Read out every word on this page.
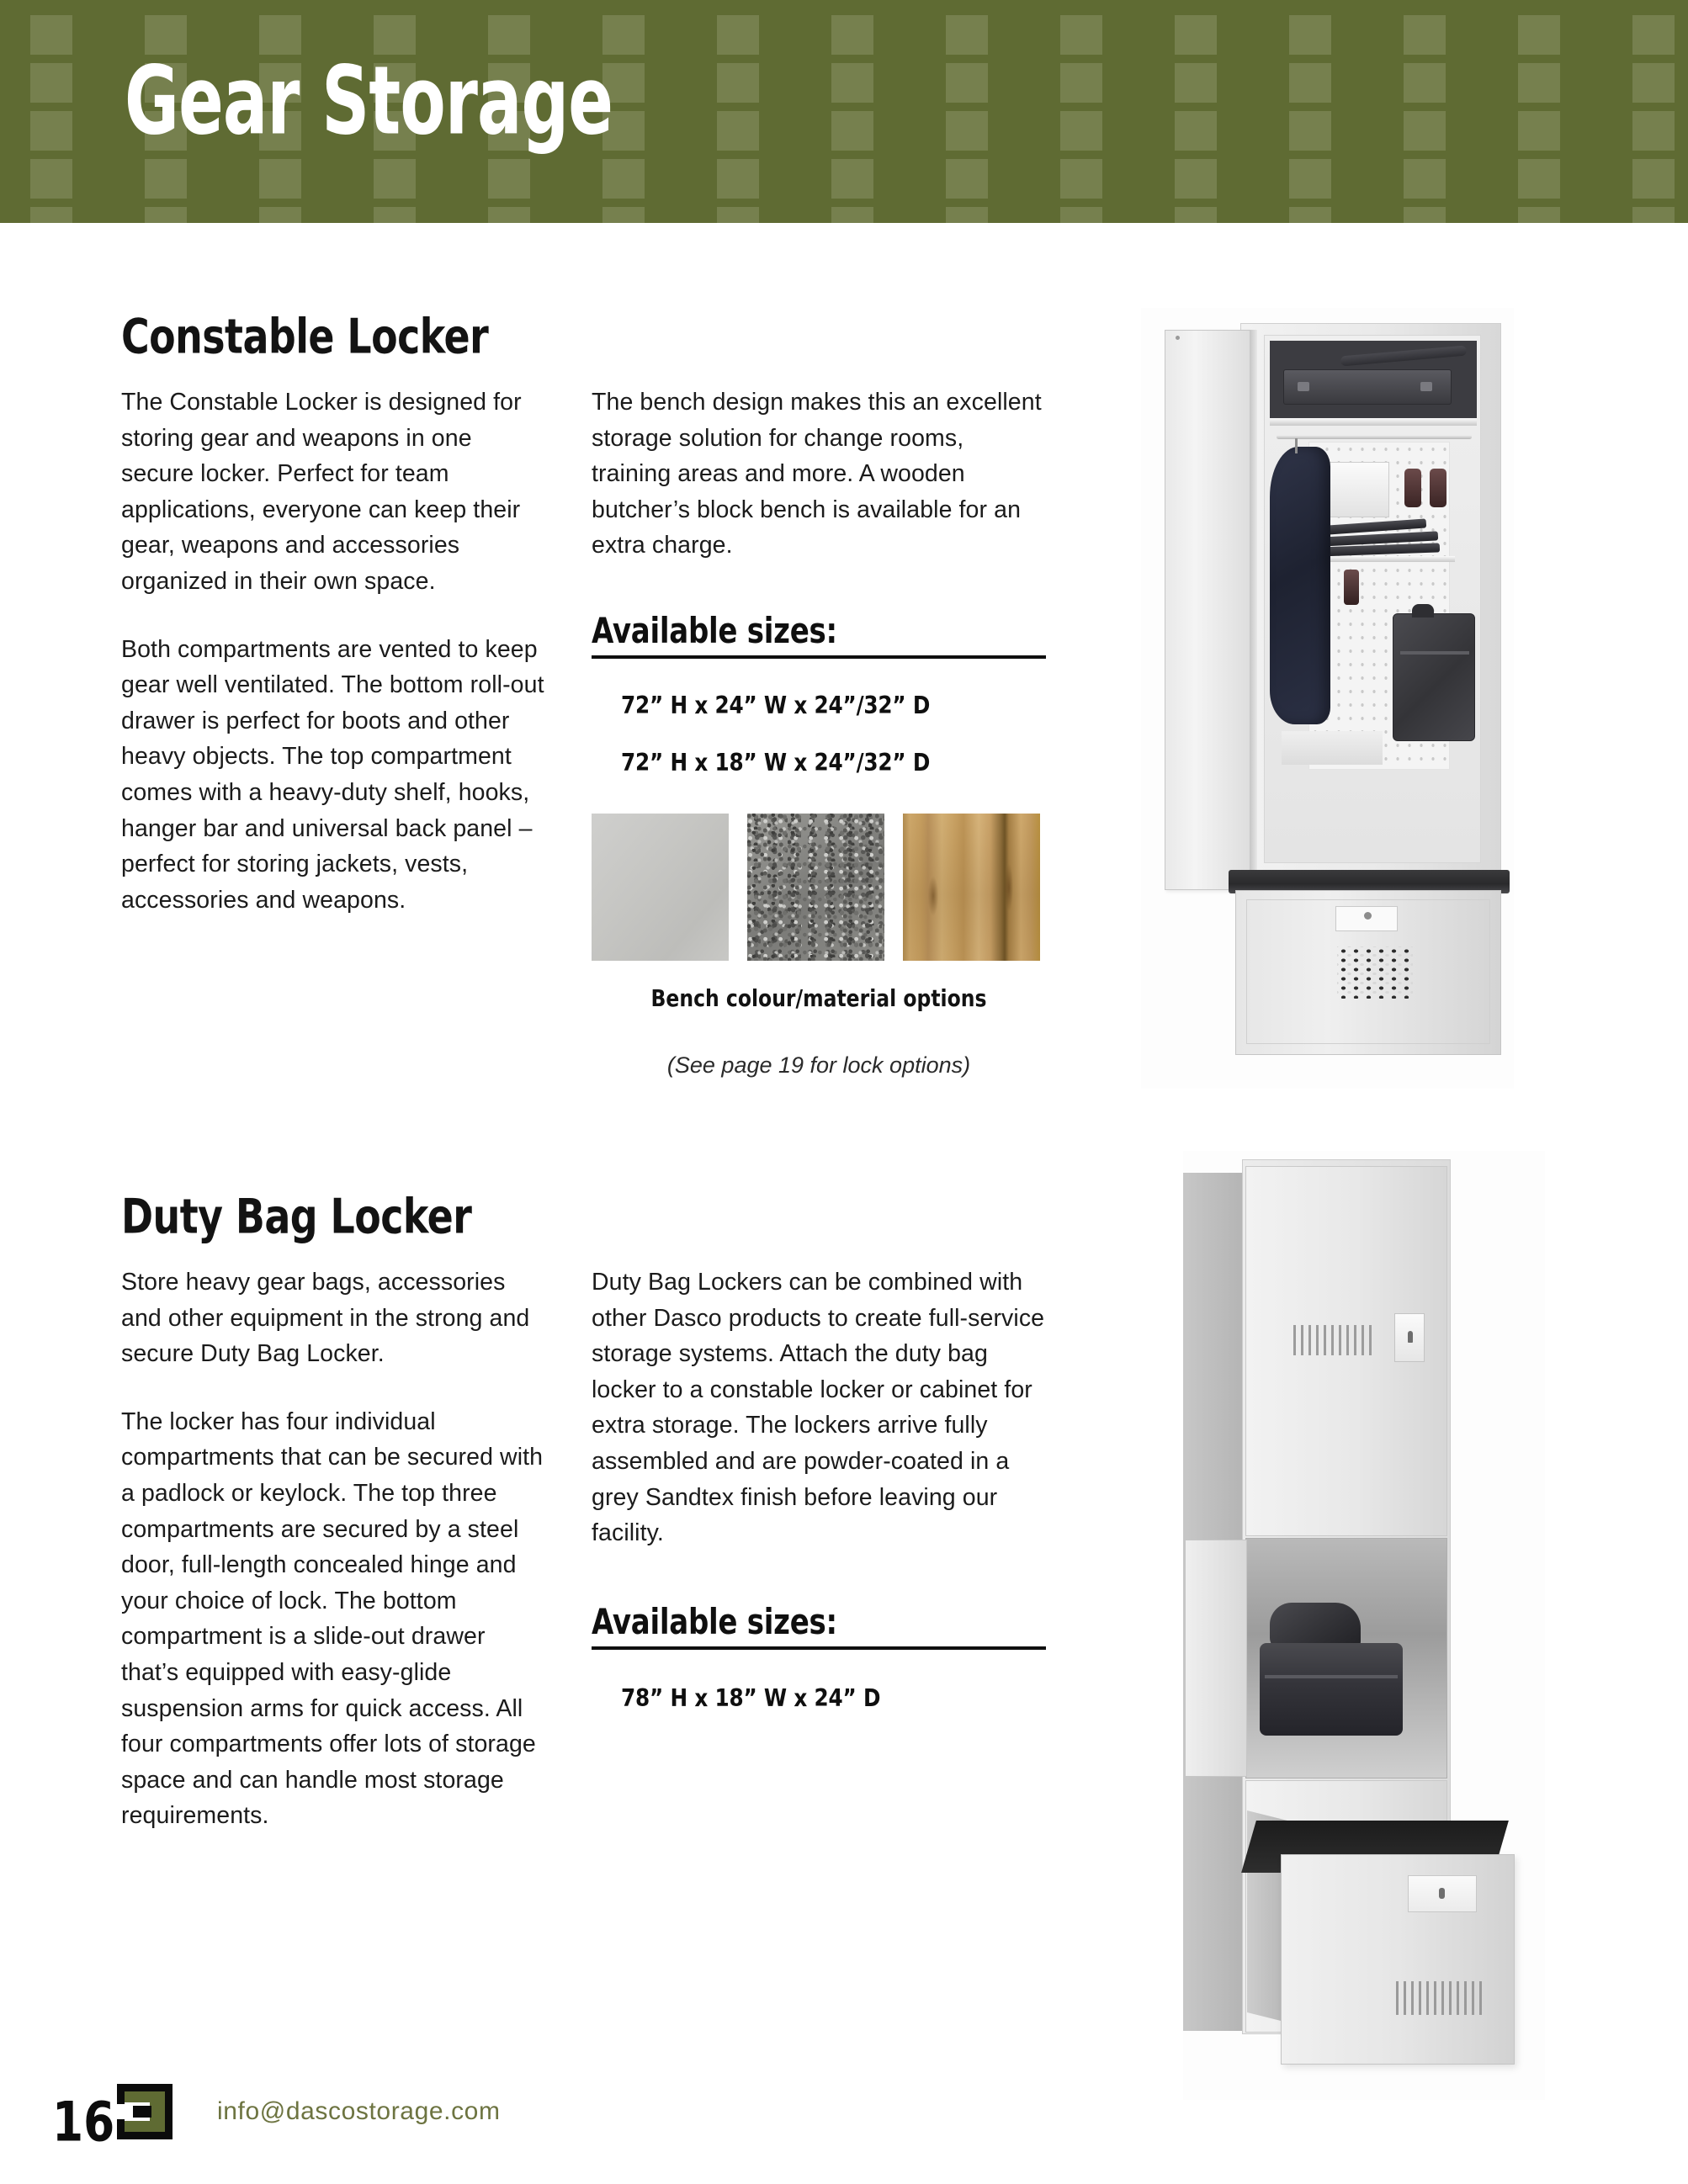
Gear Storage
Constable Locker

The Constable Locker is designed for storing gear and weapons in one secure locker. Perfect for team applications, everyone can keep their gear, weapons and accessories organized in their own space.

Both compartments are vented to keep gear well ventilated. The bottom roll-out drawer is perfect for boots and other heavy objects. The top compartment comes with a heavy-duty shelf, hooks, hanger bar and universal back panel – perfect for storing jackets, vests, accessories and weapons.

The bench design makes this an excellent storage solution for change rooms, training areas and more. A wooden butcher’s block bench is available for an extra charge.

Available sizes:
72” H x 24” W x 24”/32” D
72” H x 18” W x 24”/32” D
Bench colour/material options
(See page 19 for lock options)
Duty Bag Locker

Store heavy gear bags, accessories and other equipment in the strong and secure Duty Bag Locker.

The locker has four individual compartments that can be secured with a padlock or keylock. The top three compartments are secured by a steel door, full-length concealed hinge and your choice of lock. The bottom compartment is a slide-out drawer that’s equipped with easy-glide suspension arms for quick access. All four compartments offer lots of storage space and can handle most storage requirements.

Duty Bag Lockers can be combined with other Dasco products to create full-service storage systems. Attach the duty bag locker to a constable locker or cabinet for extra storage. The lockers arrive fully assembled and are powder-coated in a grey Sandtex finish before leaving our facility.

Available sizes:
78” H x 18” W x 24” D
16	info@dascostorage.com
